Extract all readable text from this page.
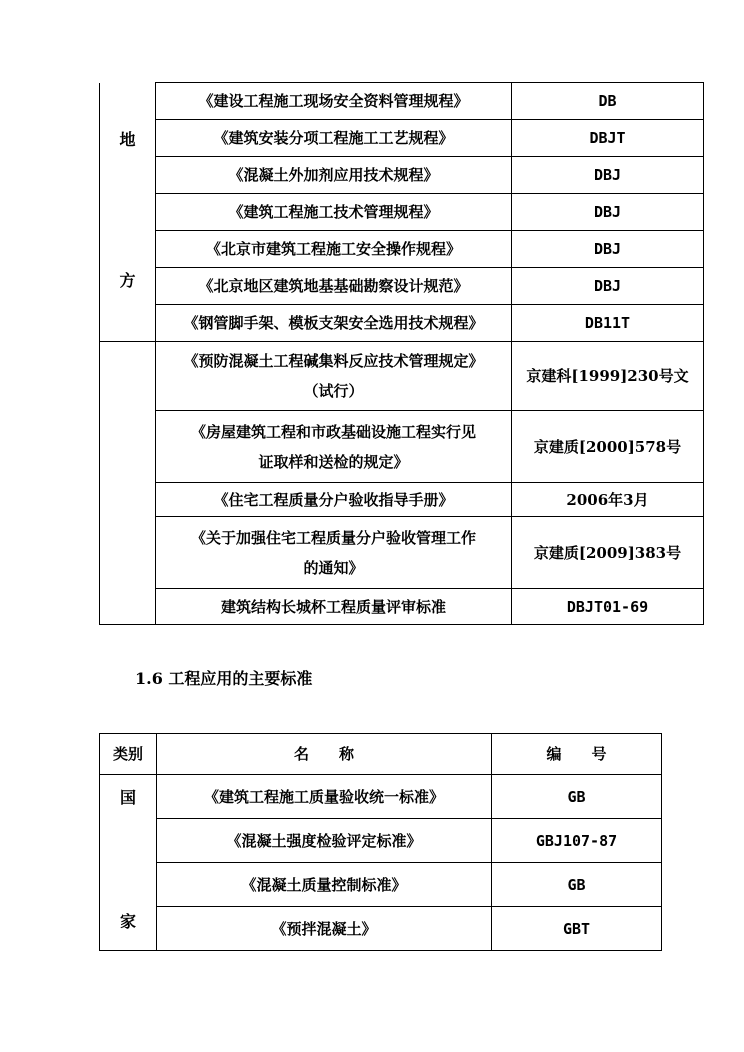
地
方	《建设工程施工现场安全资料管理规程》	DB
	《建筑安装分项工程施工工艺规程》	DBJT
	《混凝土外加剂应用技术规程》	DBJ
	《建筑工程施工技术管理规程》	DBJ
	《北京市建筑工程施工安全操作规程》	DBJ
	《北京地区建筑地基基础勘察设计规范》	DBJ
	《钢管脚手架、模板支架安全选用技术规程》	DB11T

	《预防混凝土工程碱集料反应技术管理规定》
（试行）	京建科[1999]230号文

	《房屋建筑工程和市政基础设施工程实行见
证取样和送检的规定》	京建质[2000]578号
	《住宅工程质量分户验收指导手册》	2006年3月

	《关于加强住宅工程质量分户验收管理工作
的通知》	京建质[2009]383号
	建筑结构长城杯工程质量评审标准	DBJT01-69
1.6 工程应用的主要标准
类别	名　　称	编　　号

国
家	《建筑工程施工质量验收统一标准》	GB
	《混凝土强度检验评定标准》	GBJ107-87
	《混凝土质量控制标准》	GB
	《预拌混凝土》	GBT
